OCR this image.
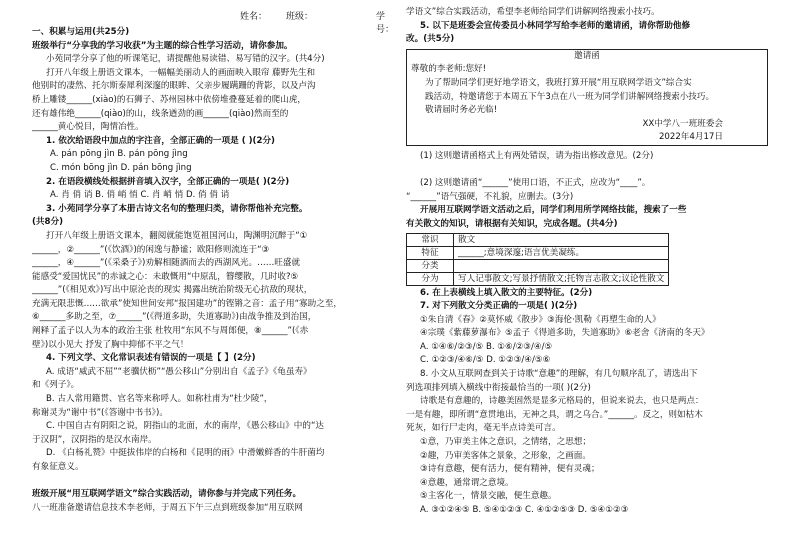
姓名： 班级：	学号：
一、积累与运用(共25分)
班级举行“分享我的学习收获”为主题的综合性学习活动，请你参加。
小苑同学分享了他的听课笔记，请提醒他易读错、易写错的汉字。(共4分)
打开八年级上册语文课本，一幅幅美丽动人的画面映入眼帘 藤野先生和
他别时的凄然、托尔斯泰犀利深邃的眼眸、父亲步履蹒跚的背影，以及卢沟
桥上雕镂______(xiào)的石狮子、苏州园林中依傍堆叠蔓延着的爬山虎，
还有雄伟绝______(qiào)的山，线条遒劲的画______(qiào)然而至的
______黄心悦目，陶情冶性。
1. 依次给语段中加点的字注音，全部正确的一项是 ( )(2分)
A. pán pōng jìn B. pán pōng jìng
C. món bōng jìn D. pán bōng jìng
2. 在语段横线处根据拼音填入汉字，全部正确的一项是( )(2分)
A. 肖 俏 诮 B. 俏 峭 悄 C. 肖 峭 悄 D. 俏 俏 诮
3. 小苑同学分享了本册古诗文名句的整理归类，请你帮他补充完整。
(共8分)
打开八年级上册语文课本，翻阅就能饱览祖国河山，陶渊明沉醉于“①
______，②______”(《饮酒》)的闲逸与静谧；欧阳修则流连于“③
______，④______”(《采桑子》)劝解相随酒而去的西湖风光。……旺盛就
能感受“爱国忧民”的赤诚之心：未敢慨用“中原乱，簪缨散，几时收?⑤
______”(《相见欢》)写出中原沦丧的现实 揭露出统治阶级无心抗敌的现状，
充满无限悲慨……欲承”使知世间安邦“报国建功”的铿锵之音：孟子用“寡助之至，
⑥______多助之至，⑦______”(《得道多助，失道寡助》)由战争推及到治国，
阐释了孟子以人为本的政治主张 杜牧用“东风不与周郎便，⑧______”(《赤
壁》)以小见大 抒发了胸中抑郁不平之气！
4. 下列文学、文化常识表述有错误的一项是【 】(2分)
A. 成语“威武不屈”“老骥伏枥”“愚公移山”分别出自《孟子》《龟虽寿》
和《列子》。
B. 古人常用籍贯、官名等来称呼人。如称杜甫为“杜少陵”，
称谢灵为“谢中书”(《答谢中书书》)。
C. 中国自古有阴阳之说，阴指山的北面，水的南岸，《愚公移山》中的“达
于汉阴”，汉阴指的是汉水南岸。
D. 《白杨礼赞》中挺拔伟岸的白杨和《昆明的雨》中滑嫩鲜香的牛肝菌均
有象征意义。

班级开展“用互联网学语文”综合实践活动，请你参与并完成下列任务。
八一班准备邀请信息技术李老师，于周五下午三点到班级参加“用互联网
学语文”综合实践活动，希望李老师给同学们讲解网络搜索小技巧。
5. 以下是班委会宣传委员小林同学写给李老师的邀请函，请你帮助他修
改。(共5分)
邀请函
尊敬的李老师:您好!
为了帮助同学们更好地学语文，我班打算开展“用互联网学语文”综合实
践活动，特邀请您于本周五下午3点在八一班为同学们讲解网络搜索小技巧。
敬请届时务必光临!
XX中学八一班班委会
2022年4月17日
(1) 这则邀请函格式上有两处错误，请为指出修改意见。(2分)

(2) 这则邀请函“______”使用口语，不正式，应改为“____”。
“______”语气强硬，不礼貌，应删去。(3分)
开展用互联网学语文活动之后，同学们利用所学网络技能，搜索了一些
有关散文的知识，请根据有关知识，完成各题。(共4分)
常识	散文
特征	______;意境深邃;语言优美凝练。
分类	
分为	写人记事散文;写景抒情散文;托物言志散文;议论性散文
6. 在上表横线上填入散文的主要特征。(2分)
7. 对下列散文分类正确的一项是( )(2分)
①朱自清《春》②莫怀威《散步》③海伦·凯勒《再塑生命的人》
④宗璞《紫藤萝瀑布》⑤孟子《得道多助，失道寡助》⑥老舍《济南的冬天》
A. ①④⑥/②③/⑤ B. ①⑥/②③/④/⑤
C. ①②③/④⑥/⑤ D. ①②③/④/⑤⑥
8. 小文从互联网查到关于诗歌“意趣”的理解，有几句顺序乱了，请选出下
列选项排列填入横线中衔接最恰当的一项( )(2分)
诗歌是有意趣的，诗趣美固然是显多元格局的，但说来说去，也只是两点：
一是有趣，即所谓“意贯地出，无神之具，谓之乌合。”______。反之，则如枯木
死灰，如行尸走肉，毫无半点诗美可言。
①意，乃审美主体之意识，之情绪，之思想；
②趣，乃审美客体之景象，之形象，之画面。
③诗有意趣，便有活力，便有精神，便有灵魂；
④意趣，通常谓之意境。
⑤主客化一，情景交融，便生意趣。
A. ③①②④⑤ B. ⑤④①②③ C. ④①②⑤③ D. ⑤④①②③
